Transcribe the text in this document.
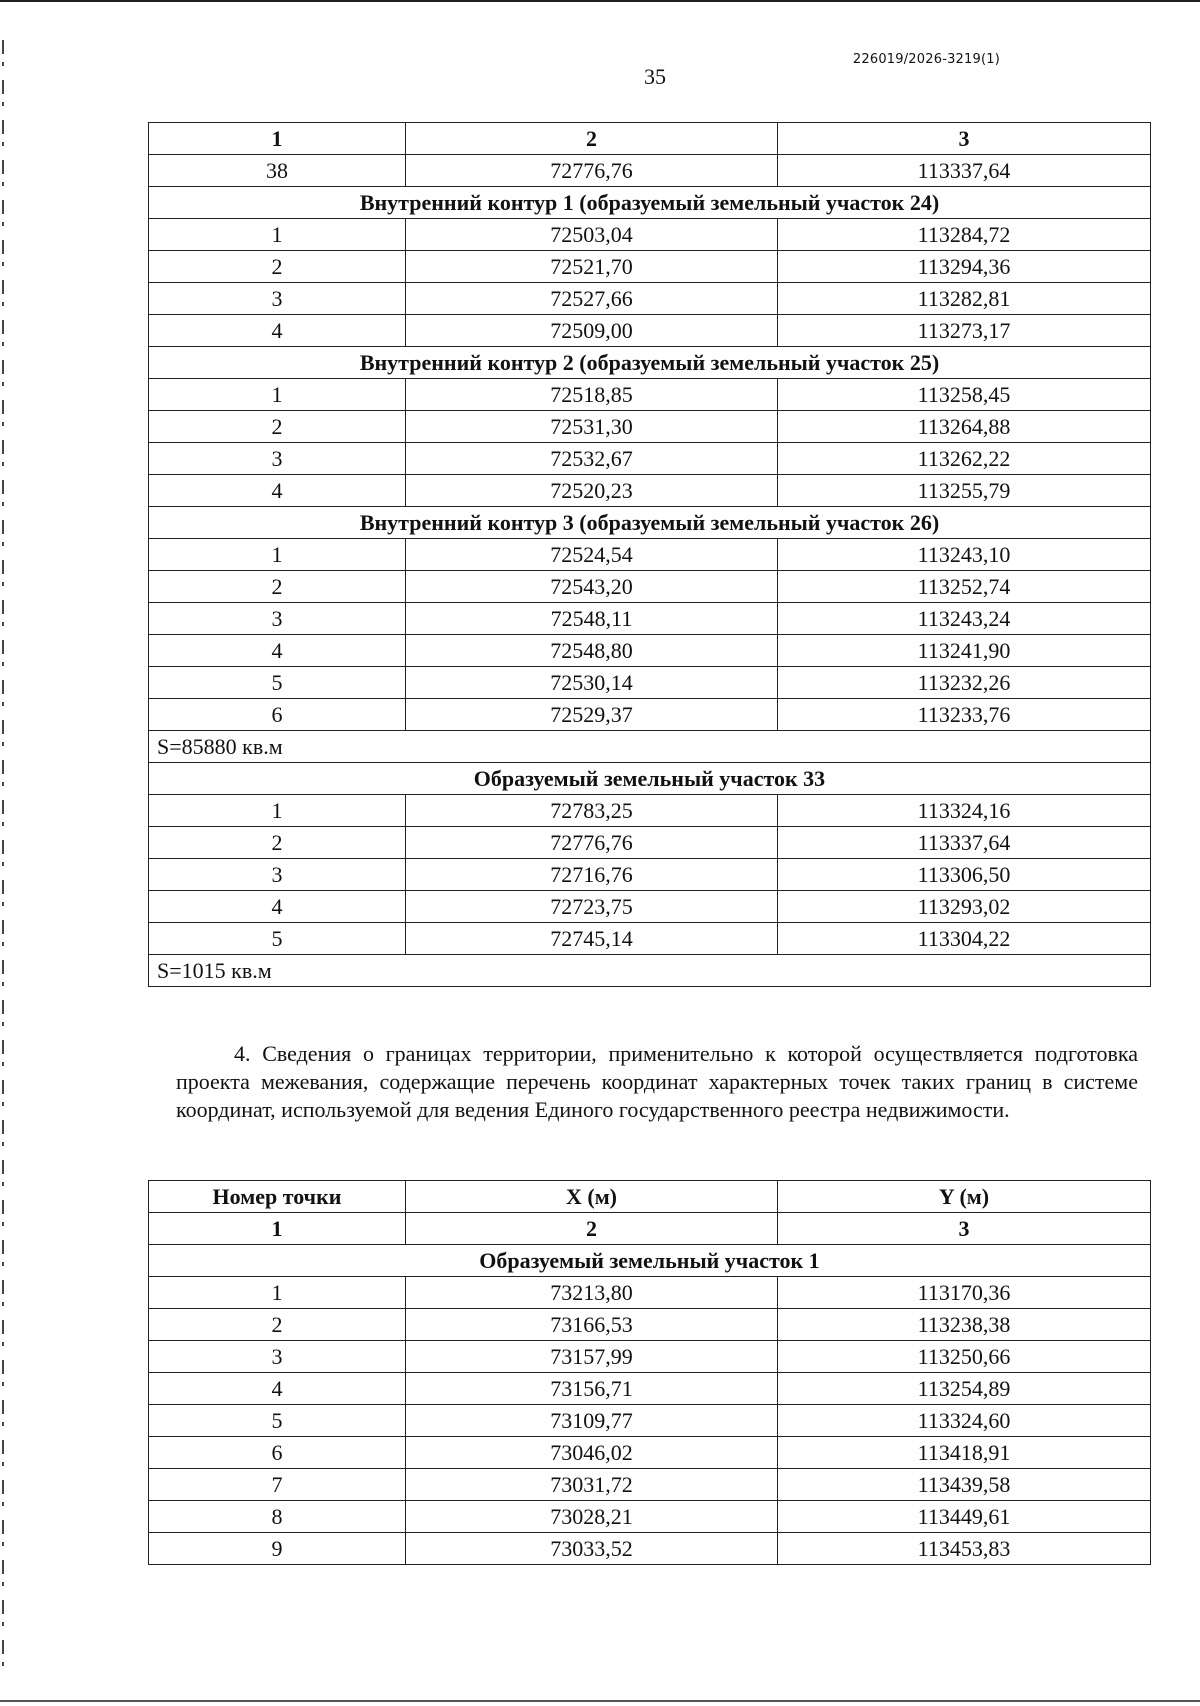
226019/2026-3219(1)
35
1	2	3
38	72776,76	113337,64
Внутренний контур 1 (образуемый земельный участок 24)		
1	72503,04	113284,72
2	72521,70	113294,36
3	72527,66	113282,81
4	72509,00	113273,17
Внутренний контур 2 (образуемый земельный участок 25)		
1	72518,85	113258,45
2	72531,30	113264,88
3	72532,67	113262,22
4	72520,23	113255,79
Внутренний контур 3 (образуемый земельный участок 26)		
1	72524,54	113243,10
2	72543,20	113252,74
3	72548,11	113243,24
4	72548,80	113241,90
5	72530,14	113232,26
6	72529,37	113233,76
S=85880 кв.м		
Образуемый земельный участок 33		
1	72783,25	113324,16
2	72776,76	113337,64
3	72716,76	113306,50
4	72723,75	113293,02
5	72745,14	113304,22
S=1015 кв.м		
4. Сведения о границах территории, применительно к которой осуществляется подготовка проекта межевания, содержащие перечень координат характерных точек таких границ в системе координат, используемой для ведения Единого государственного реестра недвижимости.
Номер точки	X (м)	Y (м)
1	2	3
Образуемый земельный участок 1		
1	73213,80	113170,36
2	73166,53	113238,38
3	73157,99	113250,66
4	73156,71	113254,89
5	73109,77	113324,60
6	73046,02	113418,91
7	73031,72	113439,58
8	73028,21	113449,61
9	73033,52	113453,83
